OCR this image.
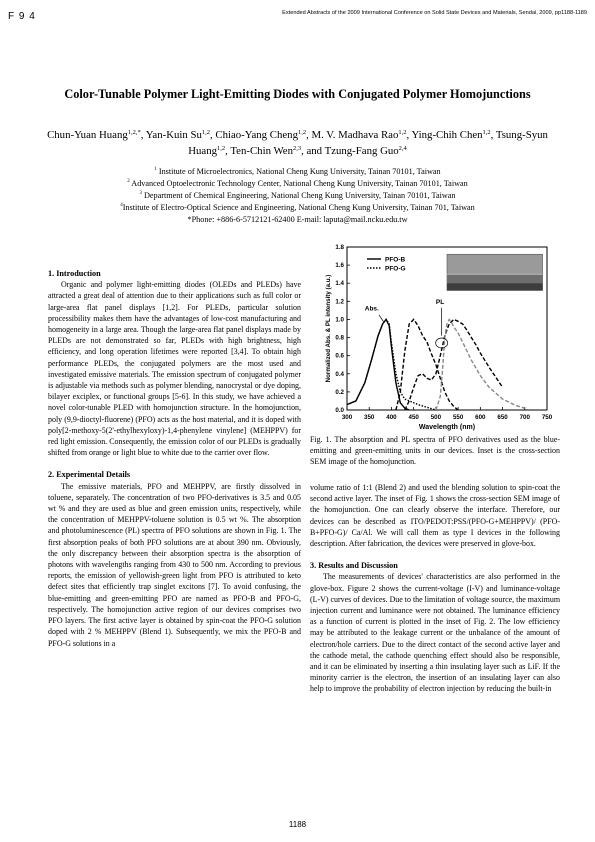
F 9 4	Extended Abstracts of the 2009 International Conference on Solid State Devices and Materials, Sendai, 2009, pp1188-1189
Color-Tunable Polymer Light-Emitting Diodes with Conjugated Polymer Homojunctions
Chun-Yuan Huang$^{1,2,*}$, Yan-Kuin Su$^{1,2}$, Chiao-Yang Cheng$^{1,2}$, M. V. Madhava Rao$^{1,2}$, Ying-Chih Chen$^{1,2}$, Tsung-Syun Huang$^{1,2}$, Ten-Chin Wen$^{2,3}$, and Tzung-Fang Guo$^{2,4}$
$^1$ Institute of Microelectronics, National Cheng Kung University, Tainan 70101, Taiwan
$^2$ Advanced Optoelectronic Technology Center, National Cheng Kung University, Tainan 70101, Taiwan
$^3$ Department of Chemical Engineering, National Cheng Kung University, Tainan 70101, Taiwan
$^4$Institute of Electro-Optical Science and Engineering, National Cheng Kung University, Tainan 701, Taiwan
*Phone: +886-6-5712121-62400 E-mail: laputa@mail.ncku.edu.tw
1. Introduction

Organic and polymer light-emitting diodes (OLEDs and PLEDs) have attracted a great deal of attention due to their applications such as full color or large-area flat panel displays [1,2]. For PLEDs, particular solution processibility makes them have the advantages of low-cost manufacturing and homogeneity in a large area. Though the large-area flat panel displays made by PLEDs are not demonstrated so far, PLEDs with high brightness, high efficiency, and long operation lifetimes were reported [3,4]. To obtain high performance PLEDs, the conjugated polymers are the most used and investigated emissive materials. The emission spectrum of conjugated polymer is adjustable via methods such as polymer blending, nanocrystal or dye doping, bilayer exciplex, or functional groups [5-6]. In this study, we have achieved a novel color-tunable PLED with homojunction structure. In the homojunction, poly (9,9-dioctyl-fluorene) (PFO) acts as the host material, and it is doped with poly[2-methoxy-5(2'-ethylhexyloxy)-1,4-phenylene vinylene] (MEHPPV) for red light emission. Consequently, the emission color of our PLEDs is gradually shifted from orange or light blue to white due to the carrier over flow.

2. Experimental Details

The emissive materials, PFO and MEHPPV, are firstly dissolved in toluene, separately. The concentration of two PFO-derivatives is 3.5 and 0.05 wt % and they are used as blue and green emission units, respectively, while the concentration of MEHPPV-toluene solution is 0.5 wt %. The absorption and photoluminescence (PL) spectra of PFO solutions are shown in Fig. 1. The first absorption peaks of both PFO solutions are at about 390 nm. Obviously, the only discrepancy between their absorption spectra is the absorption of photons with wavelengths ranging from 430 to 500 nm. According to previous reports, the emission of yellowish-green light from PFO is attributed to keto defect sites that efficiently trap singlet excitons [7]. To avoid confusing, the blue-emitting and green-emitting PFO are named as PFO-B and PFO-G, respectively. The homojunction active region of our devices comprises two PFO layers. The first active layer is obtained by spin-coat the PFO-G solution doped with 2 % MEHPPV (Blend 1). Subsequently, we mix the PFO-B and PFO-G solutions in a

300 350 400 450 500 550 600 650 700 750
0.0
0.2
0.4
0.6
0.8
1.0
1.2
1.4
1.6
1.8
Wavelength (nm)
Normalized Abs. & PL intensity (a.u.)
PFO-B
PFO-G
Abs.
PL
Fig. 1. The absorption and PL spectra of PFO derivatives used as the blue-emitting and green-emitting units in our devices. Inset is the cross-section SEM image of the homojunction.

volume ratio of 1:1 (Blend 2) and used the blending solution to spin-coat the second active layer. The inset of Fig. 1 shows the cross-section SEM image of the homojunction. One can clearly observe the interface. Therefore, our devices can be described as ITO/PEDOT:PSS/(PFO-G+MEHPPV)/ (PFO-B+PFO-G)/ Ca/Al. We will call them as type I devices in the following description. After fabrication, the devices were preserved in glove-box.

3. Results and Discussion

The measurements of devices' characteristics are also performed in the glove-box. Figure 2 shows the current-voltage (I-V) and luminance-voltage (L-V) curves of devices. Due to the limitation of voltage source, the maximum injection current and luminance were not obtained. The luminance efficiency as a function of current is plotted in the inset of Fig. 2. The low efficiency may be attributed to the leakage current or the unbalance of the amount of electron/hole carriers. Due to the direct contact of the second active layer and the cathode metal, the cathode quenching effect should also be responsible, and it can be eliminated by inserting a thin insulating layer such as LiF. If the minority carrier is the electron, the insertion of an insulating layer can also help to improve the probability of electron injection by reducing the built-in

1188
